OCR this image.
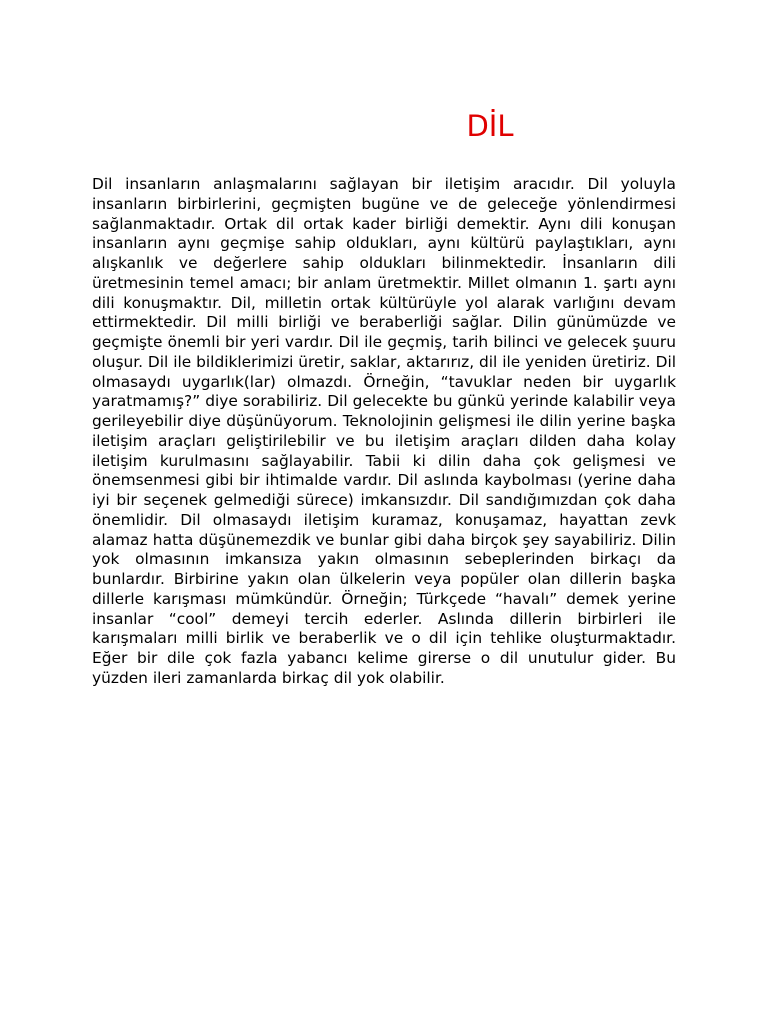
DİL

Dil insanların anlaşmalarını sağlayan bir iletişim aracıdır. Dil yoluyla insanların birbirlerini, geçmişten bugüne ve de geleceğe yönlendirmesi sağlanmaktadır. Ortak dil ortak kader birliği demektir. Aynı dili konuşan insanların aynı geçmişe sahip oldukları, aynı kültürü paylaştıkları, aynı alışkanlık ve değerlere sahip oldukları bilinmektedir. İnsanların dili üretmesinin temel amacı; bir anlam üretmektir. Millet olmanın 1. şartı aynı dili konuşmaktır. Dil, milletin ortak kültürüyle yol alarak varlığını devam ettirmektedir. Dil milli birliği ve beraberliği sağlar. Dilin günümüzde ve geçmişte önemli bir yeri vardır. Dil ile geçmiş, tarih bilinci ve gelecek şuuru oluşur. Dil ile bildiklerimizi üretir, saklar, aktarırız, dil ile yeniden üretiriz. Dil olmasaydı uygarlık(lar) olmazdı. Örneğin, “tavuklar neden bir uygarlık yaratmamış?” diye sorabiliriz. Dil gelecekte bu günkü yerinde kalabilir veya gerileyebilir diye düşünüyorum. Teknolojinin gelişmesi ile dilin yerine başka iletişim araçları geliştirilebilir ve bu iletişim araçları dilden daha kolay iletişim kurulmasını sağlayabilir. Tabii ki dilin daha çok gelişmesi ve önemsenmesi gibi bir ihtimalde vardır. Dil aslında kaybolması (yerine daha iyi bir seçenek gelmediği sürece) imkansızdır. Dil sandığımızdan çok daha önemlidir. Dil olmasaydı iletişim kuramaz, konuşamaz, hayattan zevk alamaz hatta düşünemezdik ve bunlar gibi daha birçok şey sayabiliriz. Dilin yok olmasının imkansıza yakın olmasının sebeplerinden birkaçı da bunlardır. Birbirine yakın olan ülkelerin veya popüler olan dillerin başka dillerle karışması mümkündür. Örneğin; Türkçede “havalı” demek yerine insanlar “cool” demeyi tercih ederler. Aslında dillerin birbirleri ile karışmaları milli birlik ve beraberlik ve o dil için tehlike oluşturmaktadır. Eğer bir dile çok fazla yabancı kelime girerse o dil unutulur gider. Bu yüzden ileri zamanlarda birkaç dil yok olabilir.
